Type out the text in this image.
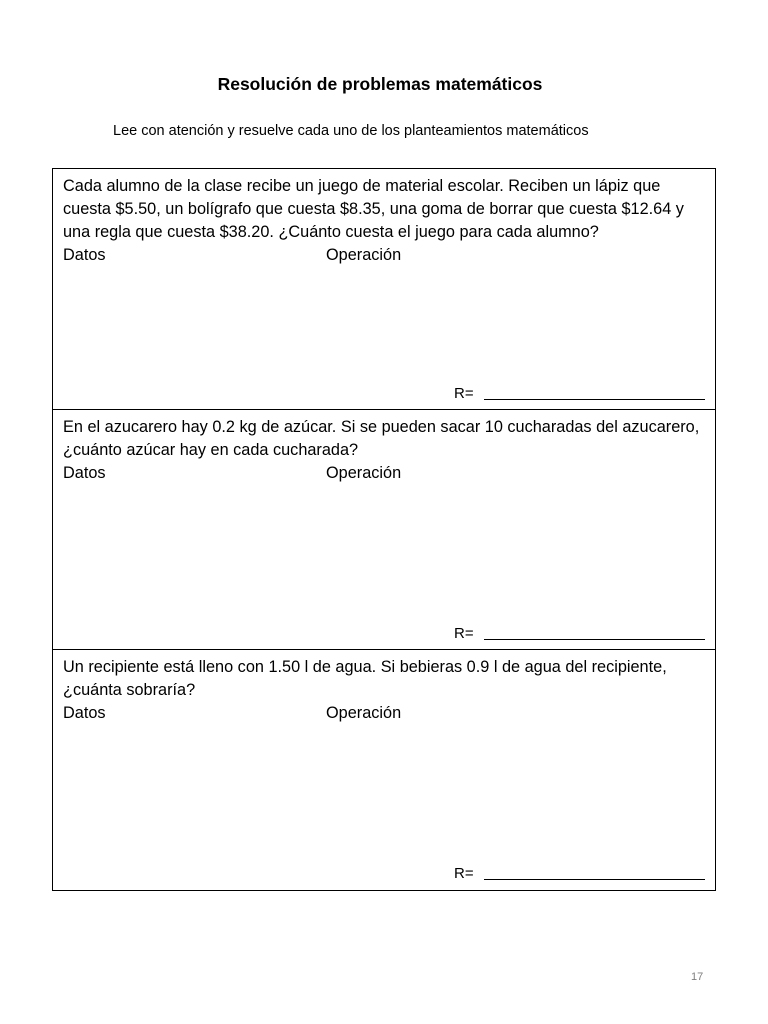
Resolución de problemas matemáticos
Lee con atención y resuelve cada uno de los planteamientos matemáticos

Cada alumno de la clase recibe un juego de material escolar. Reciben un lápiz que cuesta $5.50, un bolígrafo que cuesta $8.35, una goma de borrar que cuesta $12.64 y una regla que cuesta $38.20. ¿Cuánto cuesta el juego para cada alumno?

Datos	Operación
R=

En el azucarero hay 0.2 kg de azúcar. Si se pueden sacar 10 cucharadas del azucarero, ¿cuánto azúcar hay en cada cucharada?

Datos	Operación
R=

Un recipiente está lleno con 1.50 l de agua. Si bebieras 0.9 l de agua del recipiente, ¿cuánta sobraría?

Datos	Operación
R=
17
